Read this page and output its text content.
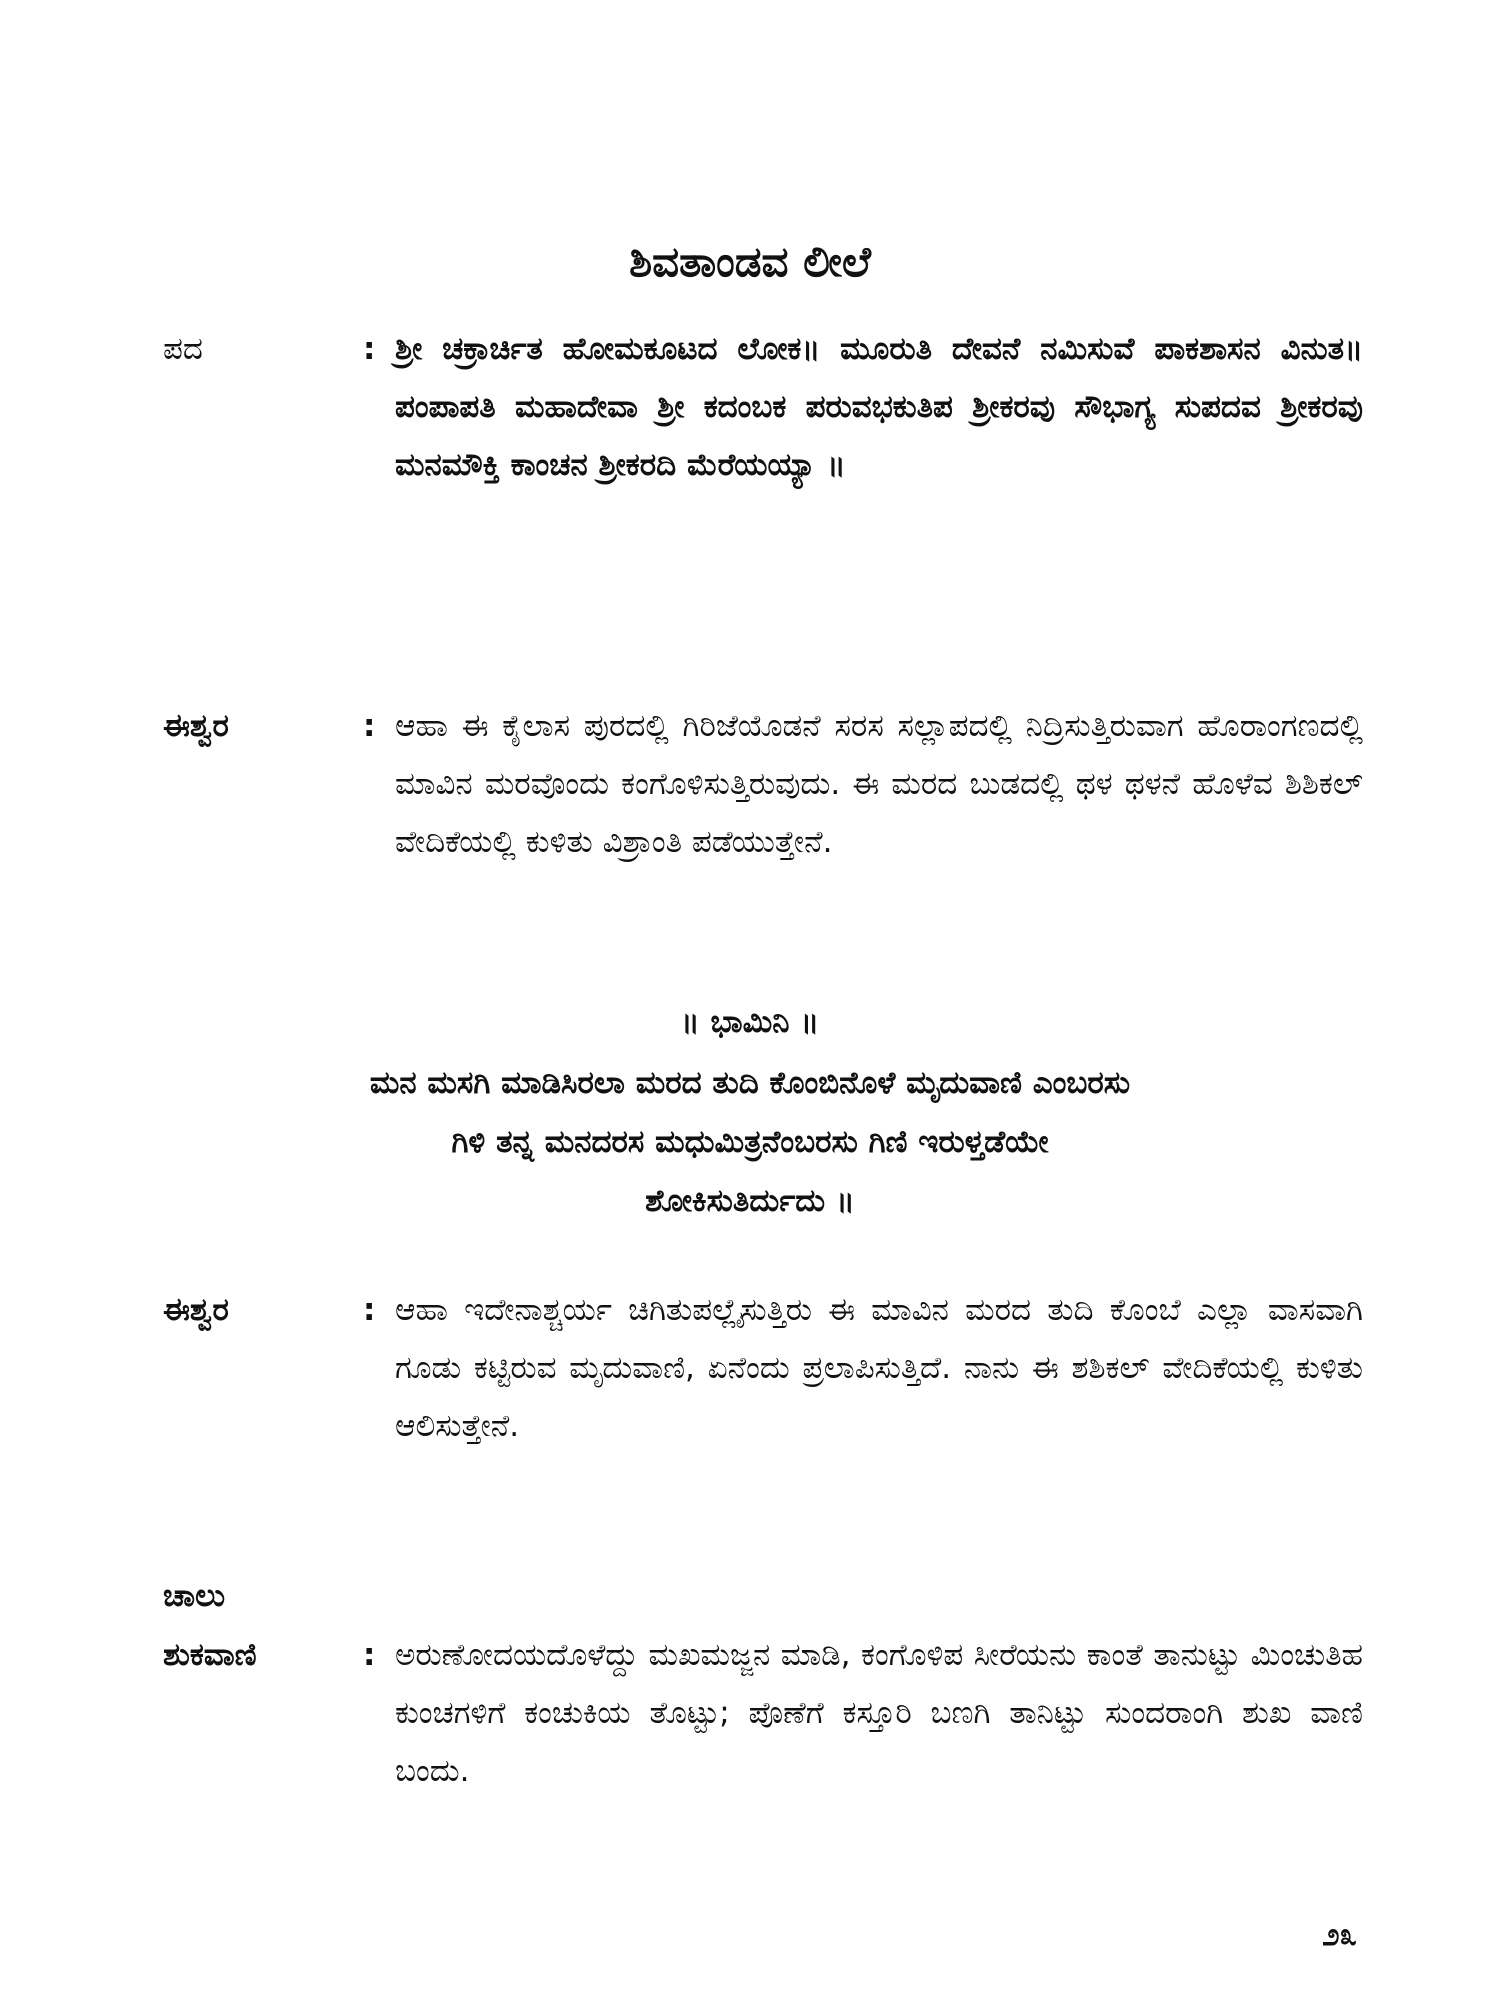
ಶಿವತಾಂಡವ ಲೀಲೆ
ಪದ	: ಶ್ರೀ ಚಕ್ರಾರ್ಚಿತ ಹೋಮಕೂಟದ ಲೋಕ॥ ಮೂರುತಿ ದೇವನೆ ನಮಿಸುವೆ ಪಾಕಶಾಸನ ವಿನುತ॥ ಪಂಪಾಪತಿ ಮಹಾದೇವಾ ಶ್ರೀ ಕದಂಬಕ ಪರುವಭಕುತಿಪ ಶ್ರೀಕರವು ಸೌಭಾಗ್ಯ ಸುಪದವ ಶ್ರೀಕರವು ಮನಮೌಕ್ತಿ ಕಾಂಚನ ಶ್ರೀಕರದಿ ಮೆರೆಯಯ್ಯಾ ॥
ಈಶ್ವರ	: ಆಹಾ ಈ ಕೈಲಾಸ ಪುರದಲ್ಲಿ ಗಿರಿಜೆಯೊಡನೆ ಸರಸ ಸಲ್ಲಾಪದಲ್ಲಿ ನಿದ್ರಿಸುತ್ತಿರುವಾಗ ಹೊರಾಂಗಣದಲ್ಲಿ ಮಾವಿನ ಮರವೊಂದು ಕಂಗೊಳಿಸುತ್ತಿರುವುದು. ಈ ಮರದ ಬುಡದಲ್ಲಿ ಥಳ ಥಳನೆ ಹೊಳೆವ ಶಿಶಿಕಲ್ ವೇದಿಕೆಯಲ್ಲಿ ಕುಳಿತು ವಿಶ್ರಾಂತಿ ಪಡೆಯುತ್ತೇನೆ.
॥ ಭಾಮಿನಿ ॥
ಮನ ಮಸಗಿ ಮಾಡಿಸಿರಲಾ ಮರದ ತುದಿ ಕೊಂಬಿನೊಳೆ ಮೃದುವಾಣಿ ಎಂಬರಸು
ಗಿಳಿ ತನ್ನ ಮನದರಸ ಮಧುಮಿತ್ರನೆಂಬರಸು ಗಿಣಿ ಇರುಳ್ತಡೆಯೇ
ಶೋಕಿಸುತಿರ್ದುದು ॥
ಈಶ್ವರ	: ಆಹಾ ಇದೇನಾಶ್ಚರ್ಯ ಚಿಗಿತುಪಲ್ಲೈಸುತ್ತಿರು ಈ ಮಾವಿನ ಮರದ ತುದಿ ಕೊಂಬೆ ಎಲ್ಲಾ ವಾಸವಾಗಿ ಗೂಡು ಕಟ್ಟಿರುವ ಮೃದುವಾಣಿ, ಏನೆಂದು ಪ್ರಲಾಪಿಸುತ್ತಿದೆ. ನಾನು ಈ ಶಶಿಕಲ್ ವೇದಿಕೆಯಲ್ಲಿ ಕುಳಿತು ಆಲಿಸುತ್ತೇನೆ.
ಚಾಲು
ಶುಕವಾಣಿ	: ಅರುಣೋದಯದೊಳೆದ್ದು ಮಖಮಜ್ಜನ ಮಾಡಿ, ಕಂಗೊಳಿಪ ಸೀರೆಯನು ಕಾಂತೆ ತಾನುಟ್ಟು ಮಿಂಚುತಿಹ ಕುಂಚಗಳಿಗೆ ಕಂಚುಕಿಯ ತೊಟ್ಟು; ಪೊಣೆಗೆ ಕಸ್ತೂರಿ ಬಣಗಿ ತಾನಿಟ್ಟು ಸುಂದರಾಂಗಿ ಶುಖ ವಾಣಿ ಬಂದು.
೨೩
